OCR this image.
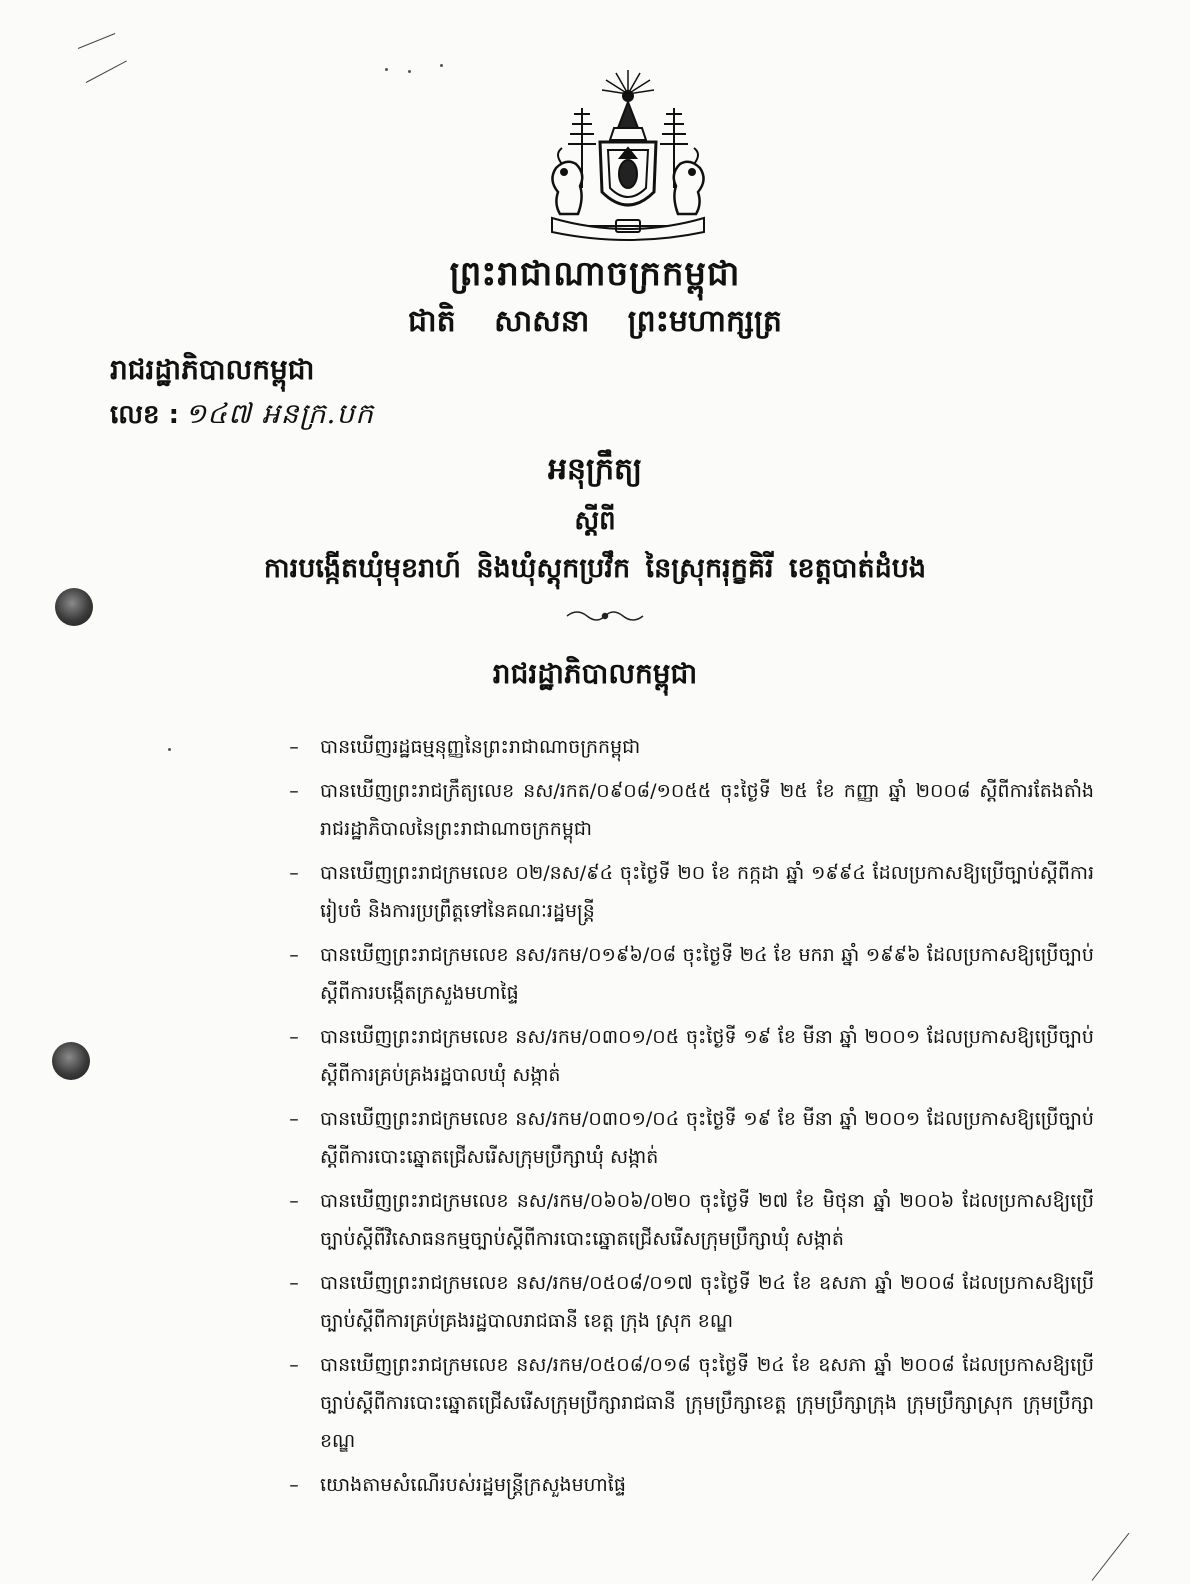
ព្រះរាជាណាចក្រកម្ពុជា
ជាតិ សាសនា ព្រះមហាក្សត្រ
រាជរដ្ឋាភិបាលកម្ពុជា
លេខ : ១៤៧ អនក្រ.បក
អនុក្រឹត្យ
ស្តីពី
ការបង្កើតឃុំមុខរាហ៍ និងឃុំស្តុកប្រវឹក នៃស្រុករុក្ខគិរី ខេត្តបាត់ដំបង
រាជរដ្ឋាភិបាលកម្ពុជា
–	បានឃើញរដ្ឋធម្មនុញ្ញនៃព្រះរាជាណាចក្រកម្ពុជា
–	បានឃើញព្រះរាជក្រឹត្យលេខ នស/រកត/០៩០៨/១០៥៥ ចុះថ្ងៃទី ២៥ ខែ កញ្ញា ឆ្នាំ ២០០៨ ស្តីពីការតែងតាំងរាជរដ្ឋាភិបាលនៃព្រះរាជាណាចក្រកម្ពុជា
–	បានឃើញព្រះរាជក្រមលេខ ០២/នស/៩៤ ចុះថ្ងៃទី ២០ ខែ កក្កដា ឆ្នាំ ១៩៩៤ ដែលប្រកាសឱ្យប្រើច្បាប់ស្តីពីការរៀបចំ និងការប្រព្រឹត្តទៅនៃគណៈរដ្ឋមន្ត្រី
–	បានឃើញព្រះរាជក្រមលេខ នស/រកម/០១៩៦/០៨ ចុះថ្ងៃទី ២៤ ខែ មករា ឆ្នាំ ១៩៩៦ ដែលប្រកាសឱ្យប្រើច្បាប់ស្តីពីការបង្កើតក្រសួងមហាផ្ទៃ
–	បានឃើញព្រះរាជក្រមលេខ នស/រកម/០៣០១/០៥ ចុះថ្ងៃទី ១៩ ខែ មីនា ឆ្នាំ ២០០១ ដែលប្រកាសឱ្យប្រើច្បាប់ស្តីពីការគ្រប់គ្រងរដ្ឋបាលឃុំ សង្កាត់
–	បានឃើញព្រះរាជក្រមលេខ នស/រកម/០៣០១/០៤ ចុះថ្ងៃទី ១៩ ខែ មីនា ឆ្នាំ ២០០១ ដែលប្រកាសឱ្យប្រើច្បាប់ស្តីពីការបោះឆ្នោតជ្រើសរើសក្រុមប្រឹក្សាឃុំ សង្កាត់
–	បានឃើញព្រះរាជក្រមលេខ នស/រកម/០៦០៦/០២០ ចុះថ្ងៃទី ២៧ ខែ មិថុនា ឆ្នាំ ២០០៦ ដែលប្រកាសឱ្យប្រើច្បាប់ស្តីពីវិសោធនកម្មច្បាប់ស្តីពីការបោះឆ្នោតជ្រើសរើសក្រុមប្រឹក្សាឃុំ សង្កាត់
–	បានឃើញព្រះរាជក្រមលេខ នស/រកម/០៥០៨/០១៧ ចុះថ្ងៃទី ២៤ ខែ ឧសភា ឆ្នាំ ២០០៨ ដែលប្រកាសឱ្យប្រើច្បាប់ស្តីពីការគ្រប់គ្រងរដ្ឋបាលរាជធានី ខេត្ត ក្រុង ស្រុក ខណ្ឌ
–	បានឃើញព្រះរាជក្រមលេខ នស/រកម/០៥០៨/០១៨ ចុះថ្ងៃទី ២៤ ខែ ឧសភា ឆ្នាំ ២០០៨ ដែលប្រកាសឱ្យប្រើច្បាប់ស្តីពីការបោះឆ្នោតជ្រើសរើសក្រុមប្រឹក្សារាជធានី ក្រុមប្រឹក្សាខេត្ត ក្រុមប្រឹក្សាក្រុង ក្រុមប្រឹក្សាស្រុក ក្រុមប្រឹក្សាខណ្ឌ
–	យោងតាមសំណើរបស់រដ្ឋមន្ត្រីក្រសួងមហាផ្ទៃ
